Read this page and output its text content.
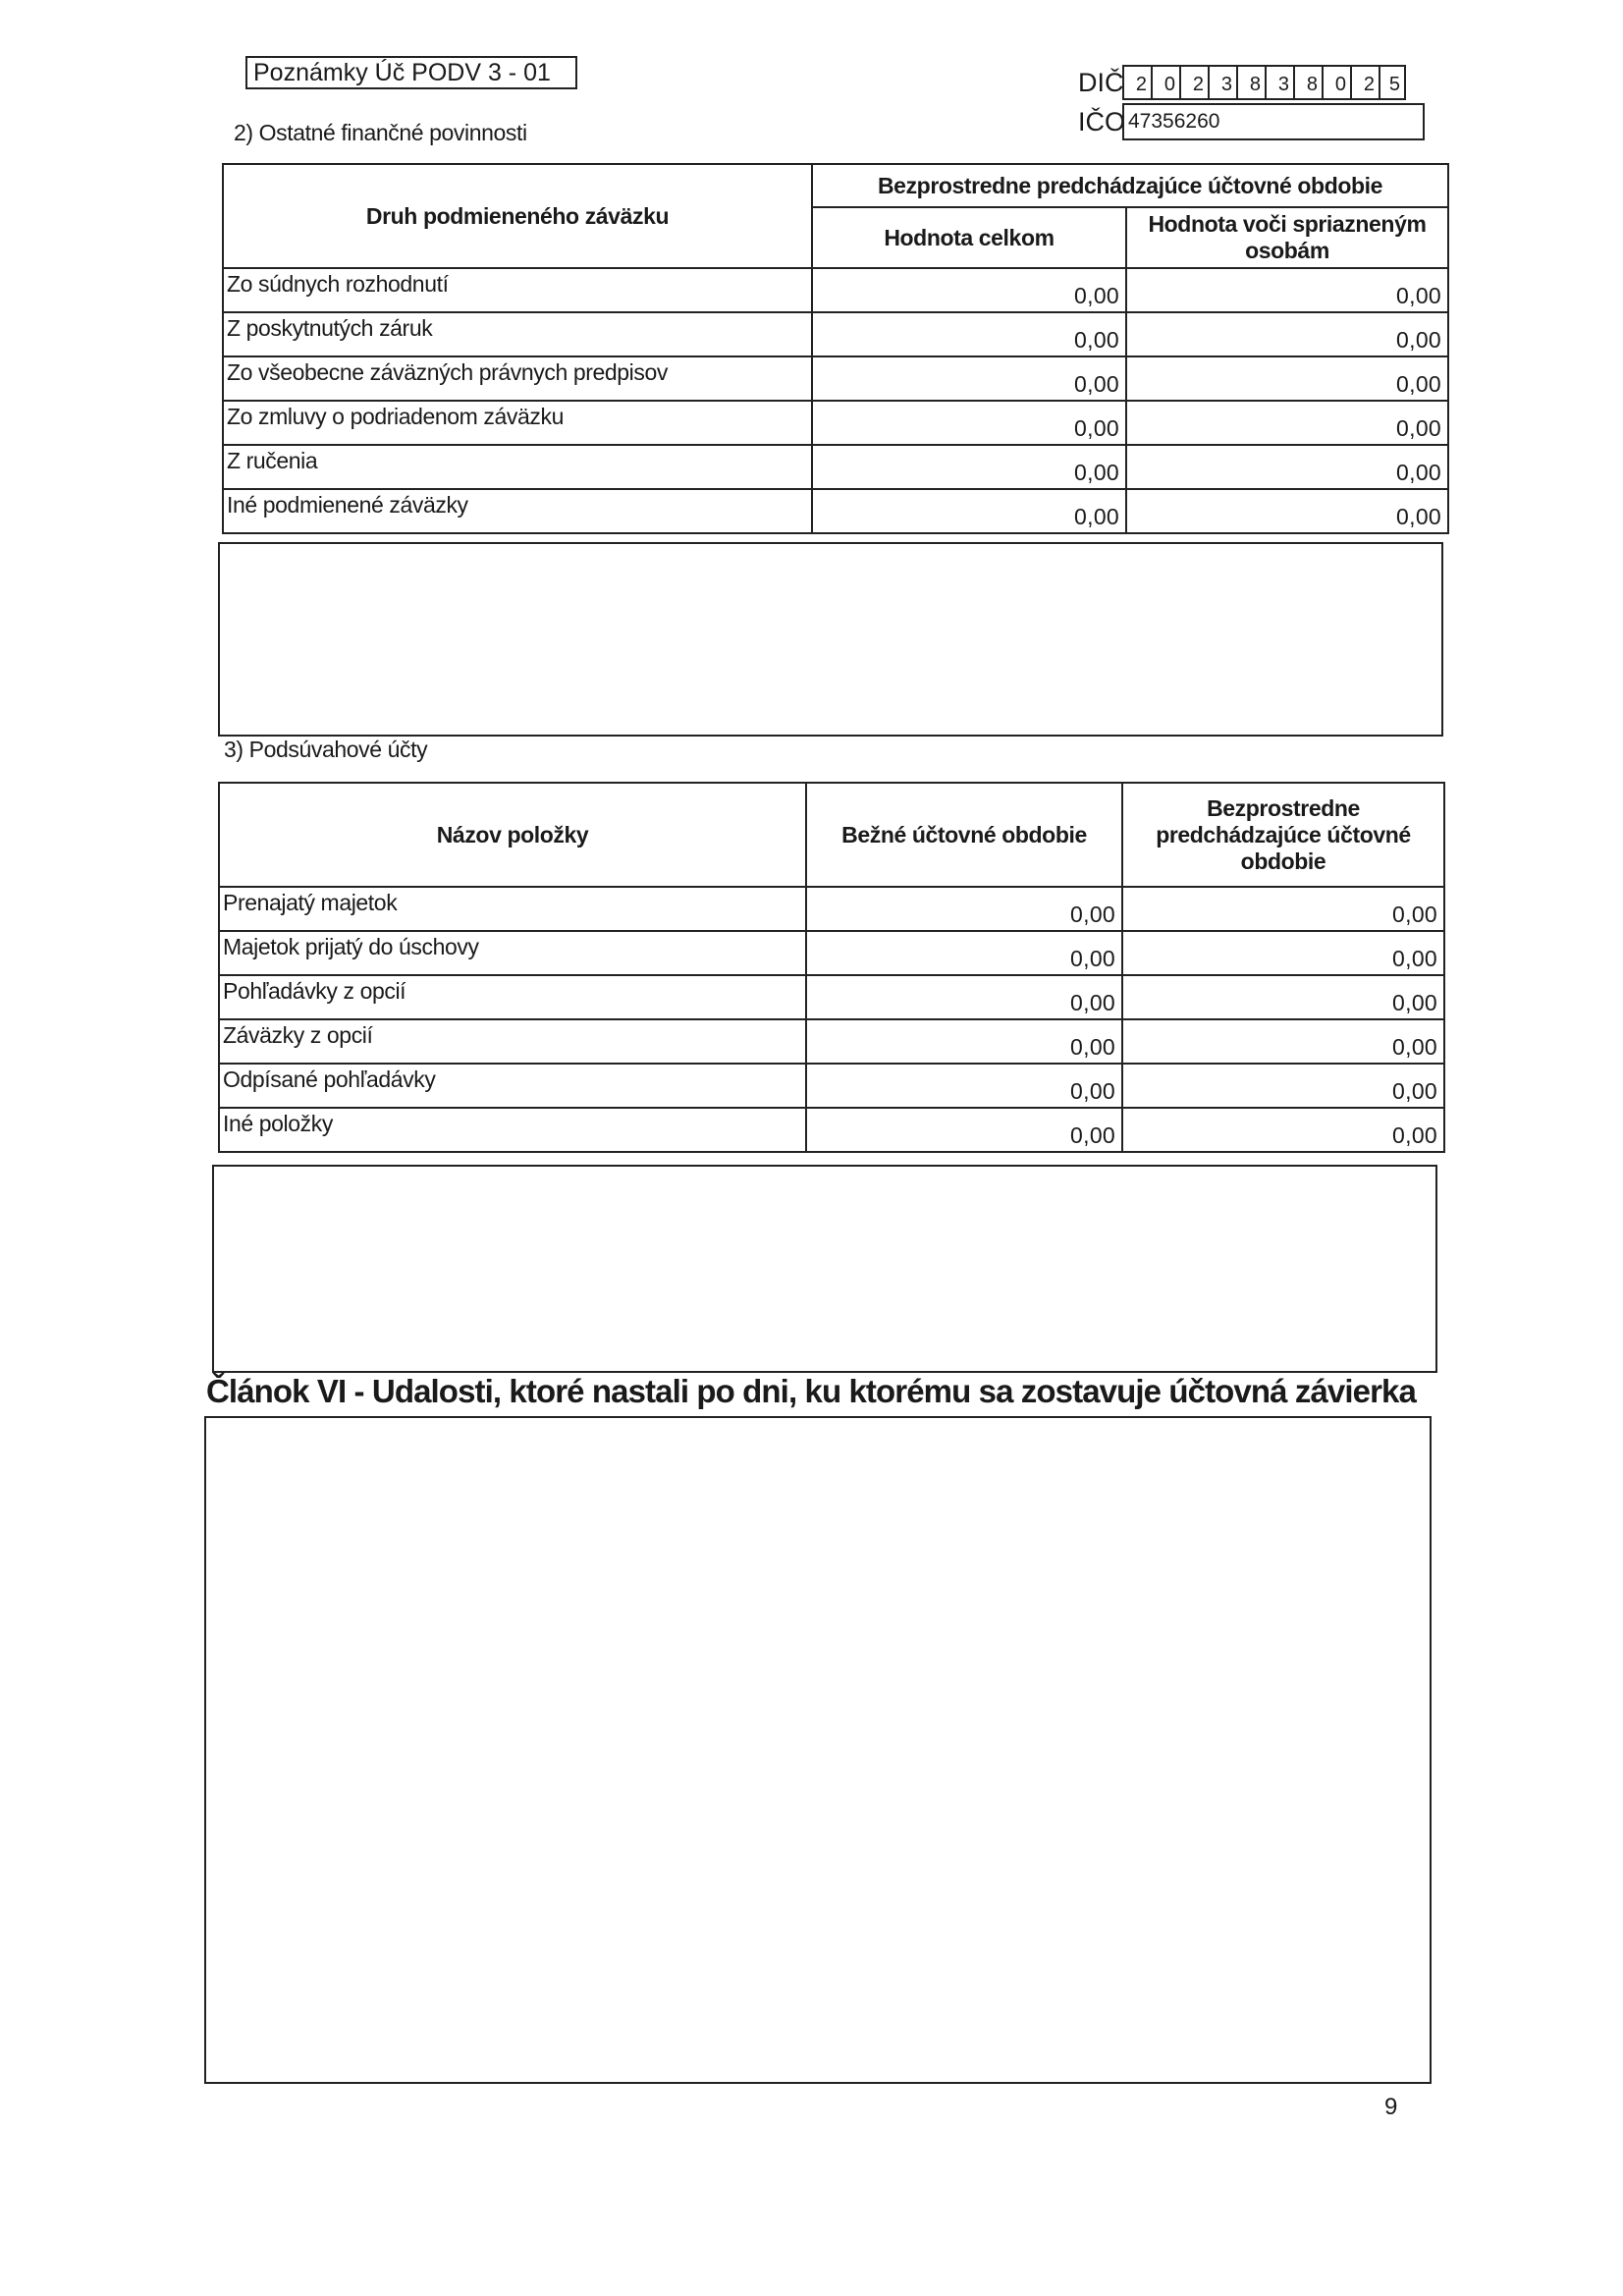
Poznámky Úč PODV 3 - 01	DIČ 2 0 2 3 8 3 8 0 2 5
IČO 47356260
2) Ostatné finančné povinnosti
Druh podmieneného záväzku	Bezprostredne predchádzajúce účtovné obdobie	
	Hodnota celkom	Hodnota voči spriazneným osobám
Zo súdnych rozhodnutí	0,00	0,00
Z poskytnutých záruk	0,00	0,00
Zo všeobecne záväzných právnych predpisov	0,00	0,00
Zo zmluvy o podriadenom záväzku	0,00	0,00
Z ručenia	0,00	0,00
Iné podmienené záväzky	0,00	0,00
3) Podsúvahové účty
Názov položky	Bežné účtovné obdobie	Bezprostredne predchádzajúce účtovné obdobie
Prenajatý majetok	0,00	0,00
Majetok prijatý do úschovy	0,00	0,00
Pohľadávky z opcií	0,00	0,00
Záväzky z opcií	0,00	0,00
Odpísané pohľadávky	0,00	0,00
Iné položky	0,00	0,00
Článok VI - Udalosti, ktoré nastali po dni, ku ktorému sa zostavuje účtovná závierka
9
